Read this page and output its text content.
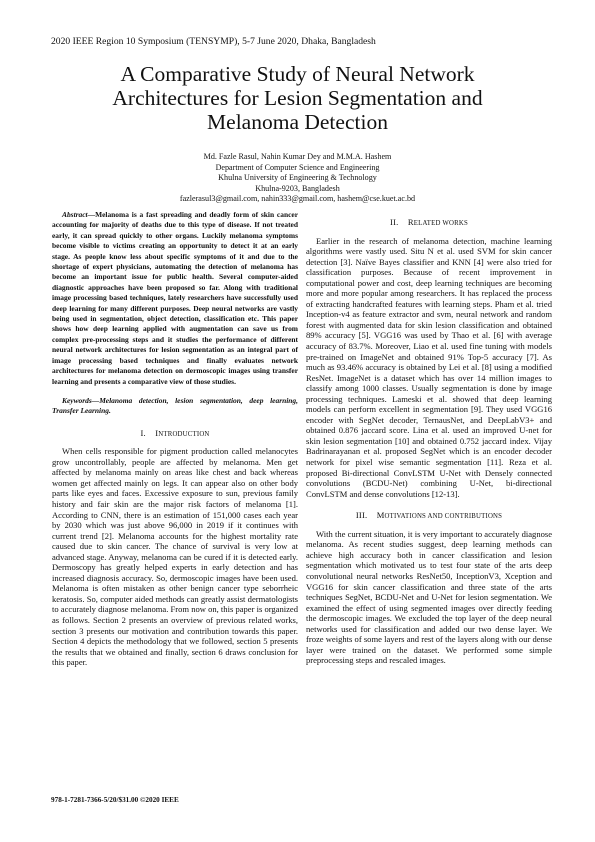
2020 IEEE Region 10 Symposium (TENSYMP), 5-7 June 2020, Dhaka, Bangladesh
A Comparative Study of Neural Network
Architectures for Lesion Segmentation and
Melanoma Detection
Md. Fazle Rasul, Nahin Kumar Dey and M.M.A. Hashem
Department of Computer Science and Engineering
Khulna University of Engineering & Technology
Khulna-9203, Bangladesh
fazlerasul3@gmail.com, nahin333@gmail.com, hashem@cse.kuet.ac.bd

Abstract—Melanoma is a fast spreading and deadly form of skin cancer accounting for majority of deaths due to this type of disease. If not treated early, it can spread quickly to other organs. Luckily melanoma symptoms become visible to victims creating an opportunity to detect it at an early stage. As people know less about specific symptoms of it and due to the shortage of expert physicians, automating the detection of melanoma has become an important issue for public health. Several computer-aided diagnostic approaches have been proposed so far. Along with traditional image processing based techniques, lately researchers have successfully used deep learning for many different purposes. Deep neural networks are vastly being used in segmentation, object detection, classification etc. This paper shows how deep learning applied with augmentation can save us from complex pre-processing steps and it studies the performance of different neural network architectures for lesion segmentation as an integral part of image processing based techniques and finally evaluates network architectures for melanoma detection on dermoscopic images using transfer learning and presents a comparative view of those studies.

Keywords—Melanoma detection, lesion segmentation, deep learning, Transfer Learning.

I. INTRODUCTION

When cells responsible for pigment production called melanocytes grow uncontrollably, people are affected by melanoma. Men get affected by melanoma mainly on areas like chest and back whereas women get affected mainly on legs. It can appear also on other body parts like eyes and faces. Excessive exposure to sun, previous family history and fair skin are the major risk factors of melanoma [1]. According to CNN, there is an estimation of 151,000 cases each year by 2030 which was just above 96,000 in 2019 if it continues with current trend [2]. Melanoma accounts for the highest mortality rate caused due to skin cancer. The chance of survival is very low at advanced stage. Anyway, melanoma can be cured if it is detected early. Dermoscopy has greatly helped experts in early detection and has increased diagnosis accuracy. So, dermoscopic images have been used. Melanoma is often mistaken as other benign cancer type seborrheic keratosis. So, computer aided methods can greatly assist dermatologists to accurately diagnose melanoma. From now on, this paper is organized as follows. Section 2 presents an overview of previous related works, section 3 presents our motivation and contribution towards this paper. Section 4 depicts the methodology that we followed, section 5 presents the results that we obtained and finally, section 6 draws conclusion for this paper.

II. RELATED WORKS

Earlier in the research of melanoma detection, machine learning algorithms were vastly used. Situ N et al. used SVM for skin cancer detection [3]. Naïve Bayes classifier and KNN [4] were also tried for classification purposes. Because of recent improvement in computational power and cost, deep learning techniques are becoming more and more popular among researchers. It has replaced the process of extracting handcrafted features with learning steps. Pham et al. tried Inception-v4 as feature extractor and svm, neural network and random forest with augmented data for skin lesion classification and obtained 89% accuracy [5]. VGG16 was used by Thao et al. [6] with average accuracy of 83.7%. Moreover, Liao et al. used fine tuning with models pre-trained on ImageNet and obtained 91% Top-5 accuracy [7]. As much as 93.46% accuracy is obtained by Lei et al. [8] using a modified ResNet. ImageNet is a dataset which has over 14 million images to classify among 1000 classes. Usually segmentation is done by image processing techniques. Lameski et al. showed that deep learning models can perform excellent in segmentation [9]. They used VGG16 encoder with SegNet decoder, TernausNet, and DeepLabV3+ and obtained 0.876 jaccard score. Lina et al. used an improved U-net for skin lesion segmentation [10] and obtained 0.752 jaccard index. Vijay Badrinarayanan et al. proposed SegNet which is an encoder decoder network for pixel wise semantic segmentation [11]. Reza et al. proposed Bi-directional ConvLSTM U-Net with Densely connected convolutions (BCDU-Net) combining U-Net, bi-directional ConvLSTM and dense convolutions [12-13].

III. MOTIVATIONS AND CONTRIBUTIONS

With the current situation, it is very important to accurately diagnose melanoma. As recent studies suggest, deep learning methods can achieve high accuracy both in cancer classification and lesion segmentation which motivated us to test four state of the arts deep convolutional neural networks ResNet50, InceptionV3, Xception and VGG16 for skin cancer classification and three state of the arts techniques SegNet, BCDU-Net and U-Net for lesion segmentation. We examined the effect of using segmented images over directly feeding the dermoscopic images. We excluded the top layer of the deep neural networks used for classification and added our two dense layer. We froze weights of some layers and rest of the layers along with our dense layer were trained on the dataset. We performed some simple preprocessing steps and rescaled images.

978-1-7281-7366-5/20/$31.00 ©2020 IEEE
